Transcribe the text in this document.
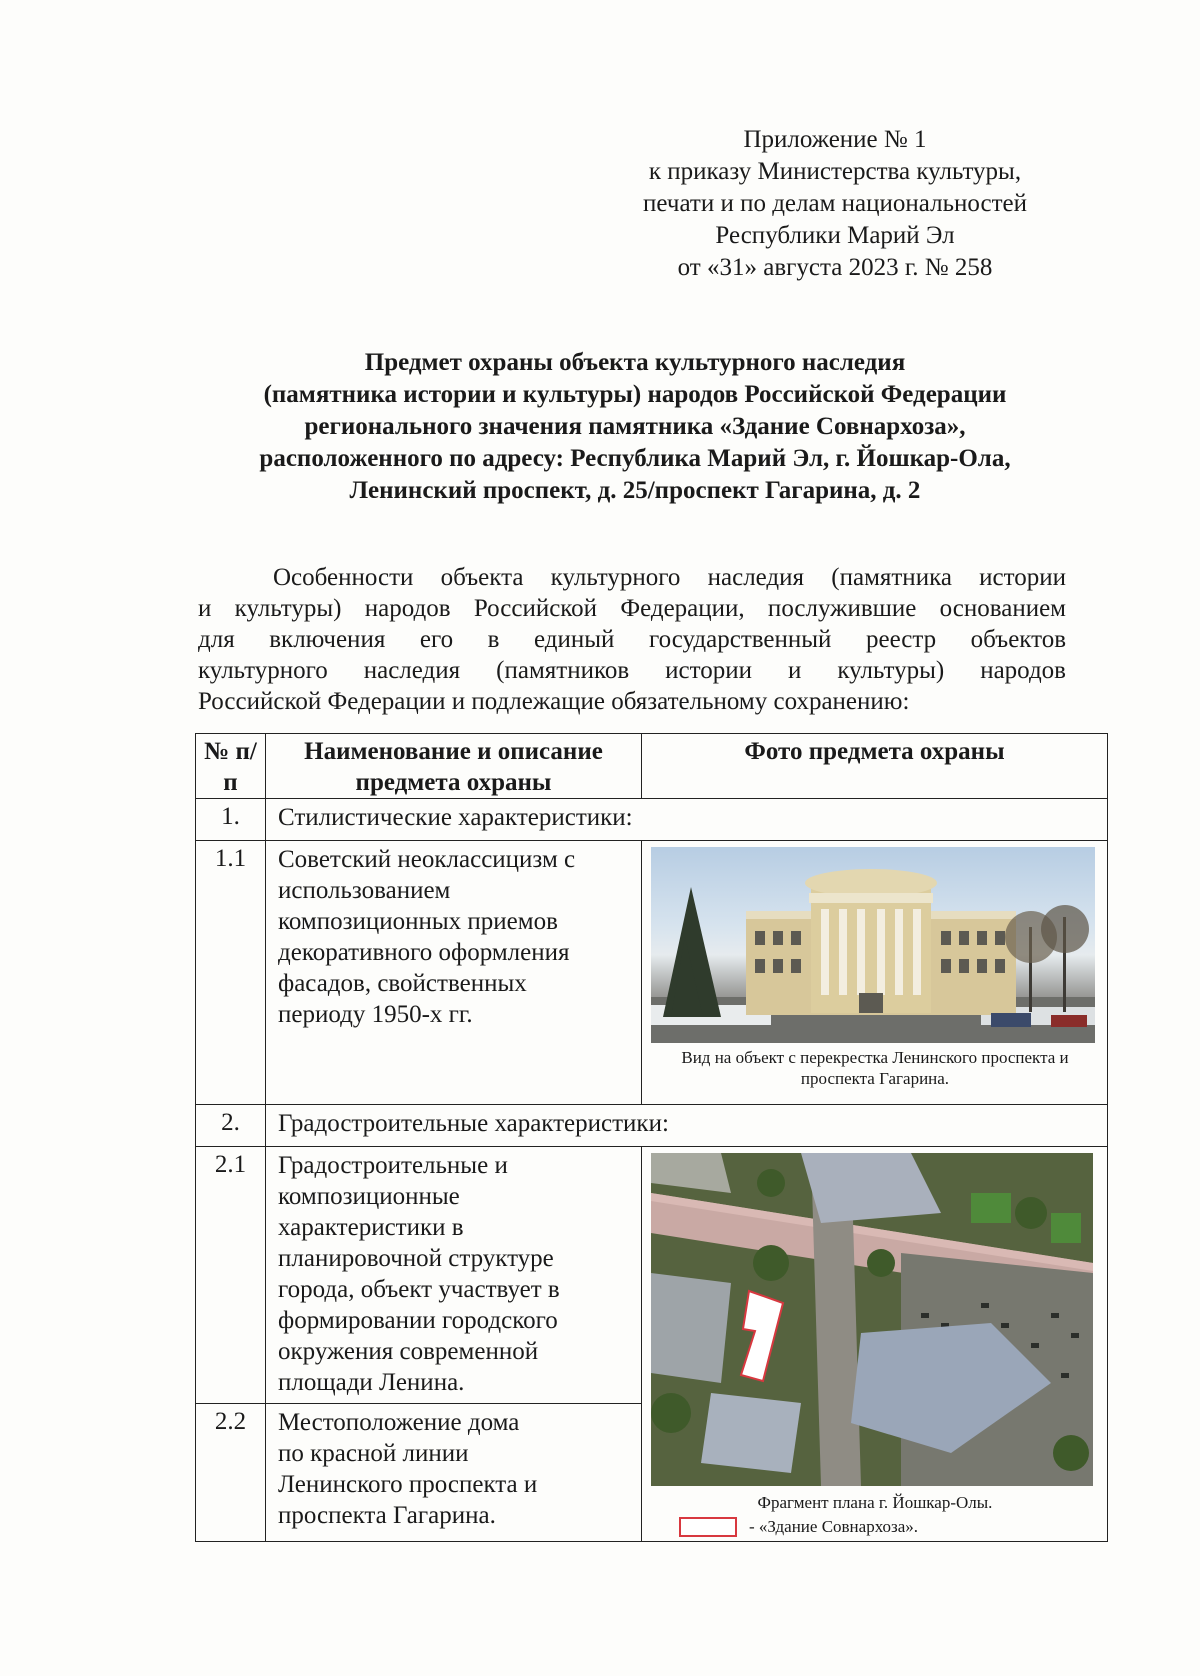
Приложение № 1
к приказу Министерства культуры,
печати и по делам национальностей
Республики Марий Эл
от «31» августа 2023 г. № 258
Предмет охраны объекта культурного наследия
(памятника истории и культуры) народов Российской Федерации
регионального значения памятника «Здание Совнархоза»,
расположенного по адресу: Республика Марий Эл, г. Йошкар-Ола,
Ленинский проспект, д. 25/проспект Гагарина, д. 2
Особенности объекта культурного наследия (памятника истории
и культуры) народов Российской Федерации, послужившие основанием
для включения его в единый государственный реестр объектов
культурного наследия (памятников истории и культуры) народов
Российской Федерации и подлежащие обязательному сохранению:
№ п/п	Наименование и описание предмета охраны	Фото предмета охраны
1.	Стилистические характеристики:	
1.1	Советский неоклассицизм с использованием композиционных приемов декоративного оформления фасадов, свойственных периоду 1950-х гг.	Вид на объект с перекрестка Ленинского проспекта и проспекта Гагарина.

2.	Градостроительные характеристики:	
2.1	Градостроительные и композиционные характеристики в планировочной структуре города, объект участвует в формировании городского окружения современной площади Ленина.	Фрагмент плана г. Йошкар-Олы.
- «Здание Совнархоза».

2.2	Местоположение дома по красной линии Ленинского проспекта и проспекта Гагарина.	
